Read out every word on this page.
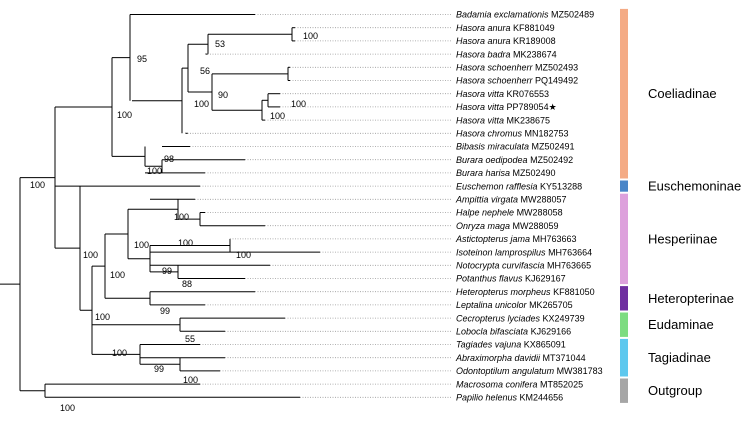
95
53
100
56
90
100
100
100
100
98
100
100
100
100
100	100
100
99
88
100
99
100
55
100
99
100
100
Badamia exclamationis MZ502489
Hasora anura KF881049
Hasora anura KR189008
Hasora badra MK238674
Hasora schoenherr MZ502493
Hasora schoenherr PQ149492
Hasora vitta KR076553
Hasora vitta PP789054★
Hasora vitta MK238675
Hasora chromus MN182753
Bibasis miraculata MZ502491
Burara oedipodea MZ502492
Burara harisa MZ502490
Euschemon rafflesia KY513288
Ampittia virgata MW288057
Halpe nephele MW288058
Onryza maga MW288059
Astictopterus jama MH763663
Isoteinon lamprospilus MH763664
Notocrypta curvifascia MH763665
Potanthus flavus KJ629167
Heteropterus morpheus KF881050
Leptalina unicolor MK265705
Cecropterus lyciades KX249739
Lobocla bifasciata KJ629166
Tagiades vajuna KX865091
Abraximorpha davidii MT371044
Odontoptilum angulatum MW381783
Macrosoma conifera MT852025
Papilio helenus KM244656
Coeliadinae
Euschemoninae
Hesperiinae
Heteropterinae
Eudaminae
Tagiadinae
Outgroup
